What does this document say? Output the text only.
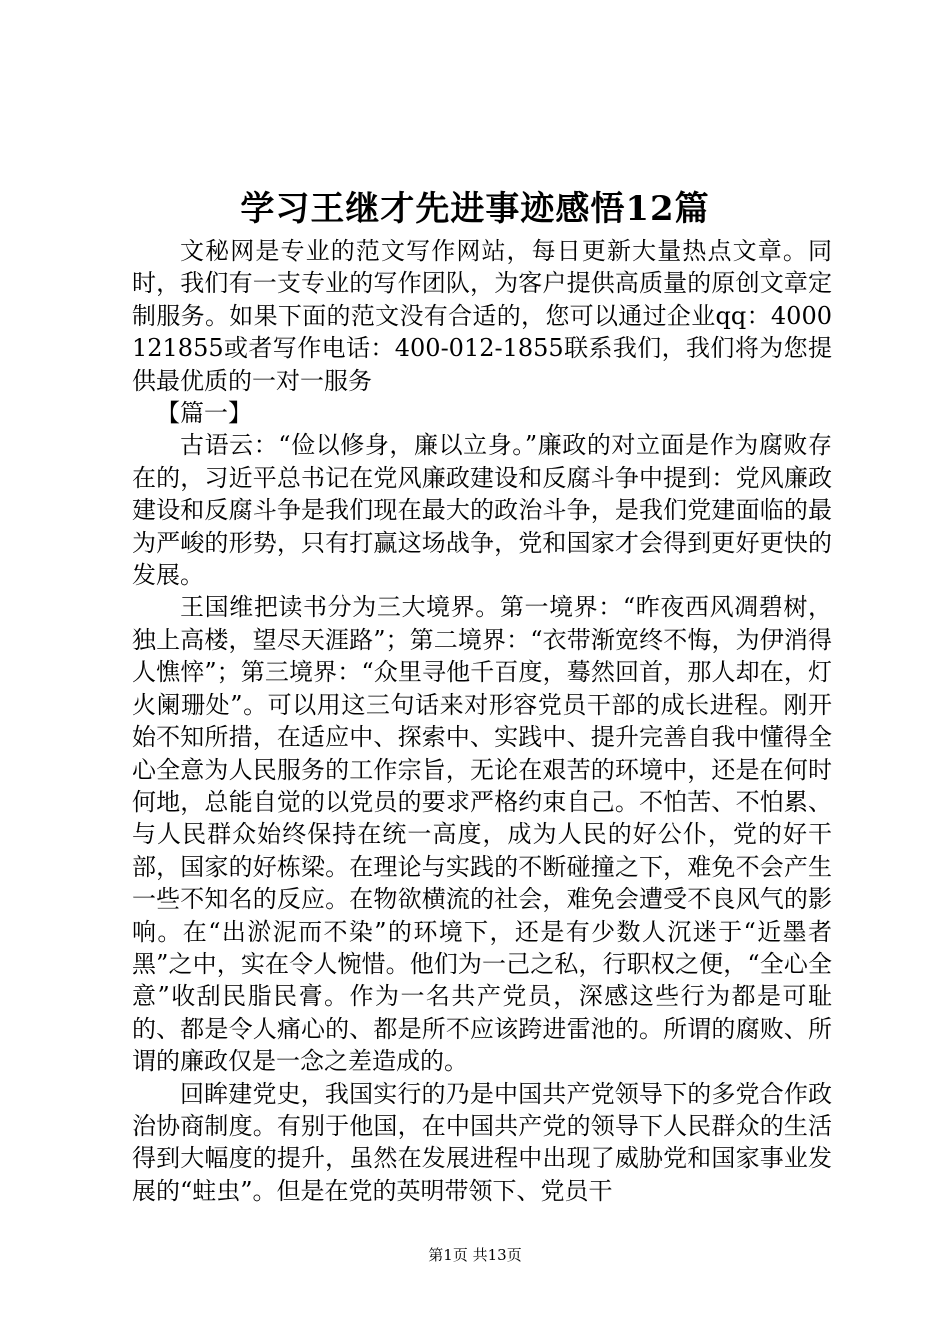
学习王继才先进事迹感悟12篇

文秘网是专业的范文写作网站，每日更新大量热点文章。同时，我们有一支专业的写作团队，为客户提供高质量的原创文章定制服务。如果下面的范文没有合适的，您可以通过企业qq：4000121855或者写作电话：400-012-1855联系我们，我们将为您提供最优质的一对一服务

【篇一】

古语云：“俭以修身，廉以立身。”廉政的对立面是作为腐败存在的，习近平总书记在党风廉政建设和反腐斗争中提到：党风廉政建设和反腐斗争是我们现在最大的政治斗争，是我们党建面临的最为严峻的形势，只有打赢这场战争，党和国家才会得到更好更快的发展。

王国维把读书分为三大境界。第一境界：“昨夜西风凋碧树，独上高楼，望尽天涯路”；第二境界：“衣带渐宽终不悔，为伊消得人憔悴”；第三境界：“众里寻他千百度，蓦然回首，那人却在，灯火阑珊处”。可以用这三句话来对形容党员干部的成长进程。刚开始不知所措，在适应中、探索中、实践中、提升完善自我中懂得全心全意为人民服务的工作宗旨，无论在艰苦的环境中，还是在何时何地，总能自觉的以党员的要求严格约束自己。不怕苦、不怕累、与人民群众始终保持在统一高度，成为人民的好公仆，党的好干部，国家的好栋梁。在理论与实践的不断碰撞之下，难免不会产生一些不知名的反应。在物欲横流的社会，难免会遭受不良风气的影响。在“出淤泥而不染”的环境下，还是有少数人沉迷于“近墨者黑”之中，实在令人惋惜。他们为一己之私，行职权之便，“全心全意”收刮民脂民膏。作为一名共产党员，深感这些行为都是可耻的、都是令人痛心的、都是所不应该跨进雷池的。所谓的腐败、所谓的廉政仅是一念之差造成的。

回眸建党史，我国实行的乃是中国共产党领导下的多党合作政治协商制度。有别于他国，在中国共产党的领导下人民群众的生活得到大幅度的提升，虽然在发展进程中出现了威胁党和国家事业发展的“蛀虫”。但是在党的英明带领下、党员干

第1页 共13页
